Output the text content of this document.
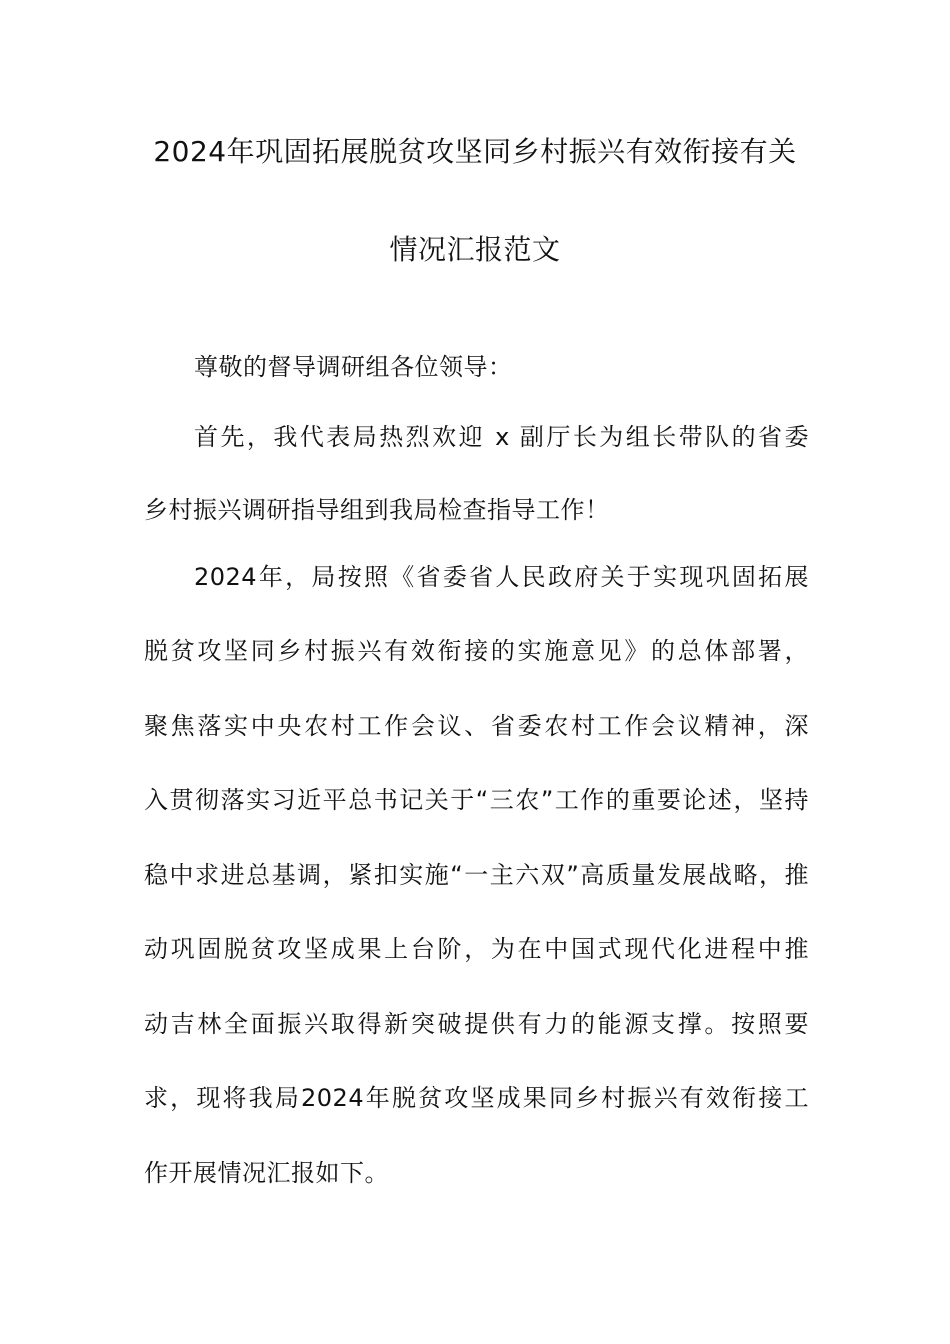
2024年巩固拓展脱贫攻坚同乡村振兴有效衔接有关
情况汇报范文
尊敬的督导调研组各位领导：
首先，我代表局热烈欢迎 x 副厅长为组长带队的省委
乡村振兴调研指导组到我局检查指导工作！
2024年，局按照《省委省人民政府关于实现巩固拓展
脱贫攻坚同乡村振兴有效衔接的实施意见》的总体部署，
聚焦落实中央农村工作会议、省委农村工作会议精神，深
入贯彻落实习近平总书记关于“三农”工作的重要论述，坚持
稳中求进总基调，紧扣实施“一主六双”高质量发展战略，推
动巩固脱贫攻坚成果上台阶，为在中国式现代化进程中推
动吉林全面振兴取得新突破提供有力的能源支撑。按照要
求，现将我局2024年脱贫攻坚成果同乡村振兴有效衔接工
作开展情况汇报如下。
